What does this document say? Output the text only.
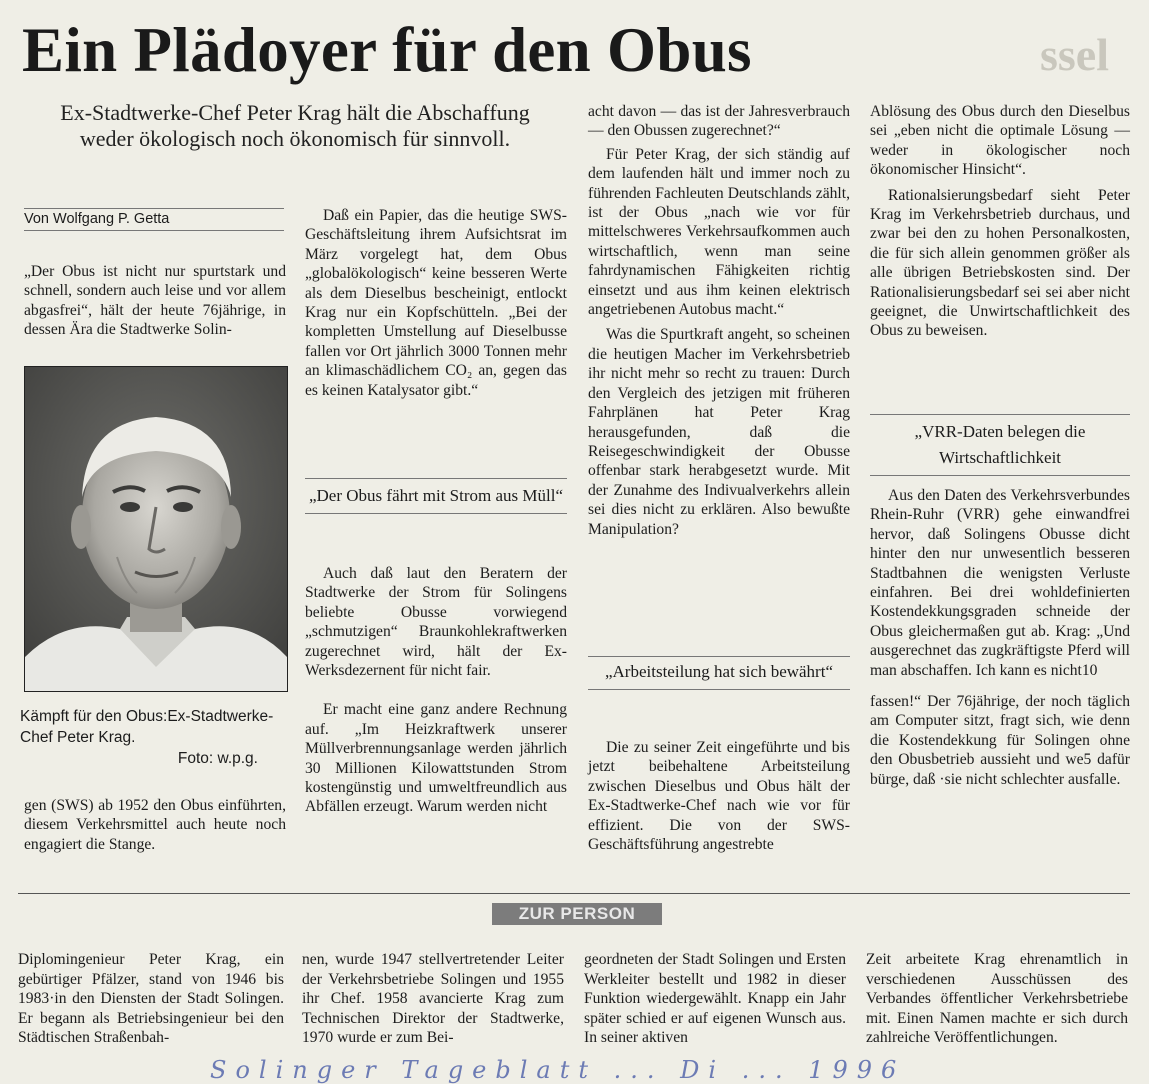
ssel
Ein Plädoyer für den Obus
Ex-Stadtwerke-Chef Peter Krag hält die Abschaffung weder ökologisch noch ökonomisch für sinnvoll.
Von Wolfgang P. Getta

„Der Obus ist nicht nur spurtstark und schnell, sondern auch leise und vor allem abgasfrei“, hält der heute 76jährige, in dessen Ära die Stadtwerke Solin-

Kämpft für den Obus:Ex-Stadtwerke-Chef Peter Krag.
Foto: w.p.g.

gen (SWS) ab 1952 den Obus einführten, diesem Verkehrsmittel auch heute noch engagiert die Stange.

Daß ein Papier, das die heutige SWS-Geschäftsleitung ihrem Aufsichtsrat im März vorgelegt hat, dem Obus „globalökologisch“ keine besseren Werte als dem Dieselbus bescheinigt, entlockt Krag nur ein Kopfschütteln. „Bei der kompletten Umstellung auf Dieselbusse fallen vor Ort jährlich 3000 Tonnen mehr an klimaschädlichem CO₂ an, gegen das es keinen Katalysator gibt.“

„Der Obus fährt mit Strom aus Müll“

Auch daß laut den Beratern der Stadtwerke der Strom für Solingens beliebte Obusse vorwiegend „schmutzigen“ Braunkohlekraftwerken zugerechnet wird, hält der Ex-Werksdezernent für nicht fair.

Er macht eine ganz andere Rechnung auf. „Im Heizkraftwerk unserer Müllverbrennungsanlage werden jährlich 30 Millionen Kilowattstunden Strom kostengünstig und umweltfreundlich aus Abfällen erzeugt. Warum werden nicht

acht davon — das ist der Jahresverbrauch — den Obussen zugerechnet?“

Für Peter Krag, der sich ständig auf dem laufenden hält und immer noch zu führenden Fachleuten Deutschlands zählt, ist der Obus „nach wie vor für mittelschweres Verkehrsaufkommen auch wirtschaftlich, wenn man seine fahrdynamischen Fähigkeiten richtig einsetzt und aus ihm keinen elektrisch angetriebenen Autobus macht.“

Was die Spurtkraft angeht, so scheinen die heutigen Macher im Verkehrsbetrieb ihr nicht mehr so recht zu trauen: Durch den Vergleich des jetzigen mit früheren Fahrplänen hat Peter Krag herausgefunden, daß die Reisegeschwindigkeit der Obusse offenbar stark herabgesetzt wurde. Mit der Zunahme des Indivualverkehrs allein sei dies nicht zu erklären. Also bewußte Manipulation?

„Arbeitsteilung hat sich bewährt“

Die zu seiner Zeit eingeführte und bis jetzt beibehaltene Arbeitsteilung zwischen Dieselbus und Obus hält der Ex-Stadtwerke-Chef nach wie vor für effizient. Die von der SWS-Geschäftsführung angestrebte

Ablösung des Obus durch den Dieselbus sei „eben nicht die optimale Lösung — weder in ökologischer noch ökonomischer Hinsicht“.

Rationalsierungsbedarf sieht Peter Krag im Verkehrsbetrieb durchaus, und zwar bei den zu hohen Personalkosten, die für sich allein genommen größer als alle übrigen Betriebskosten sind. Der Rationalisierungsbedarf sei sei aber nicht geeignet, die Unwirtschaftlichkeit des Obus zu beweisen.

„VRR-Daten belegen die Wirtschaftlichkeit

Aus den Daten des Verkehrsverbundes Rhein-Ruhr (VRR) gehe einwandfrei hervor, daß Solingens Obusse dicht hinter den nur unwesentlich besseren Stadtbahnen die wenigsten Verluste einfahren. Bei drei wohldefinierten Kostendekkungsgraden schneide der Obus gleichermaßen gut ab. Krag: „Und ausgerechnet das zugkräftigste Pferd will man abschaffen. Ich kann es nicht10

fassen!“ Der 76jährige, der noch täglich am Computer sitzt, fragt sich, wie denn die Kostendekkung für Solingen ohne den Obusbetrieb aussieht und we5 dafür bürge, daß ·sie nicht schlechter ausfalle.

ZUR PERSON

Diplomingenieur Peter Krag, ein gebürtiger Pfälzer, stand von 1946 bis 1983·in den Diensten der Stadt Solingen. Er begann als Betriebsingenieur bei den Städtischen Straßenbah-

nen, wurde 1947 stellvertretender Leiter der Verkehrsbetriebe Solingen und 1955 ihr Chef. 1958 avancierte Krag zum Technischen Direktor der Stadtwerke, 1970 wurde er zum Bei-

geordneten der Stadt Solingen und Ersten Werkleiter bestellt und 1982 in dieser Funktion wiedergewählt. Knapp ein Jahr später schied er auf eigenen Wunsch aus. In seiner aktiven

Zeit arbeitete Krag ehrenamtlich in verschiedenen Ausschüssen des Verbandes öffentlicher Verkehrsbetriebe mit. Einen Namen machte er sich durch zahlreiche Veröffentlichungen.

Solinger Tageblatt ... Di ... 1996
